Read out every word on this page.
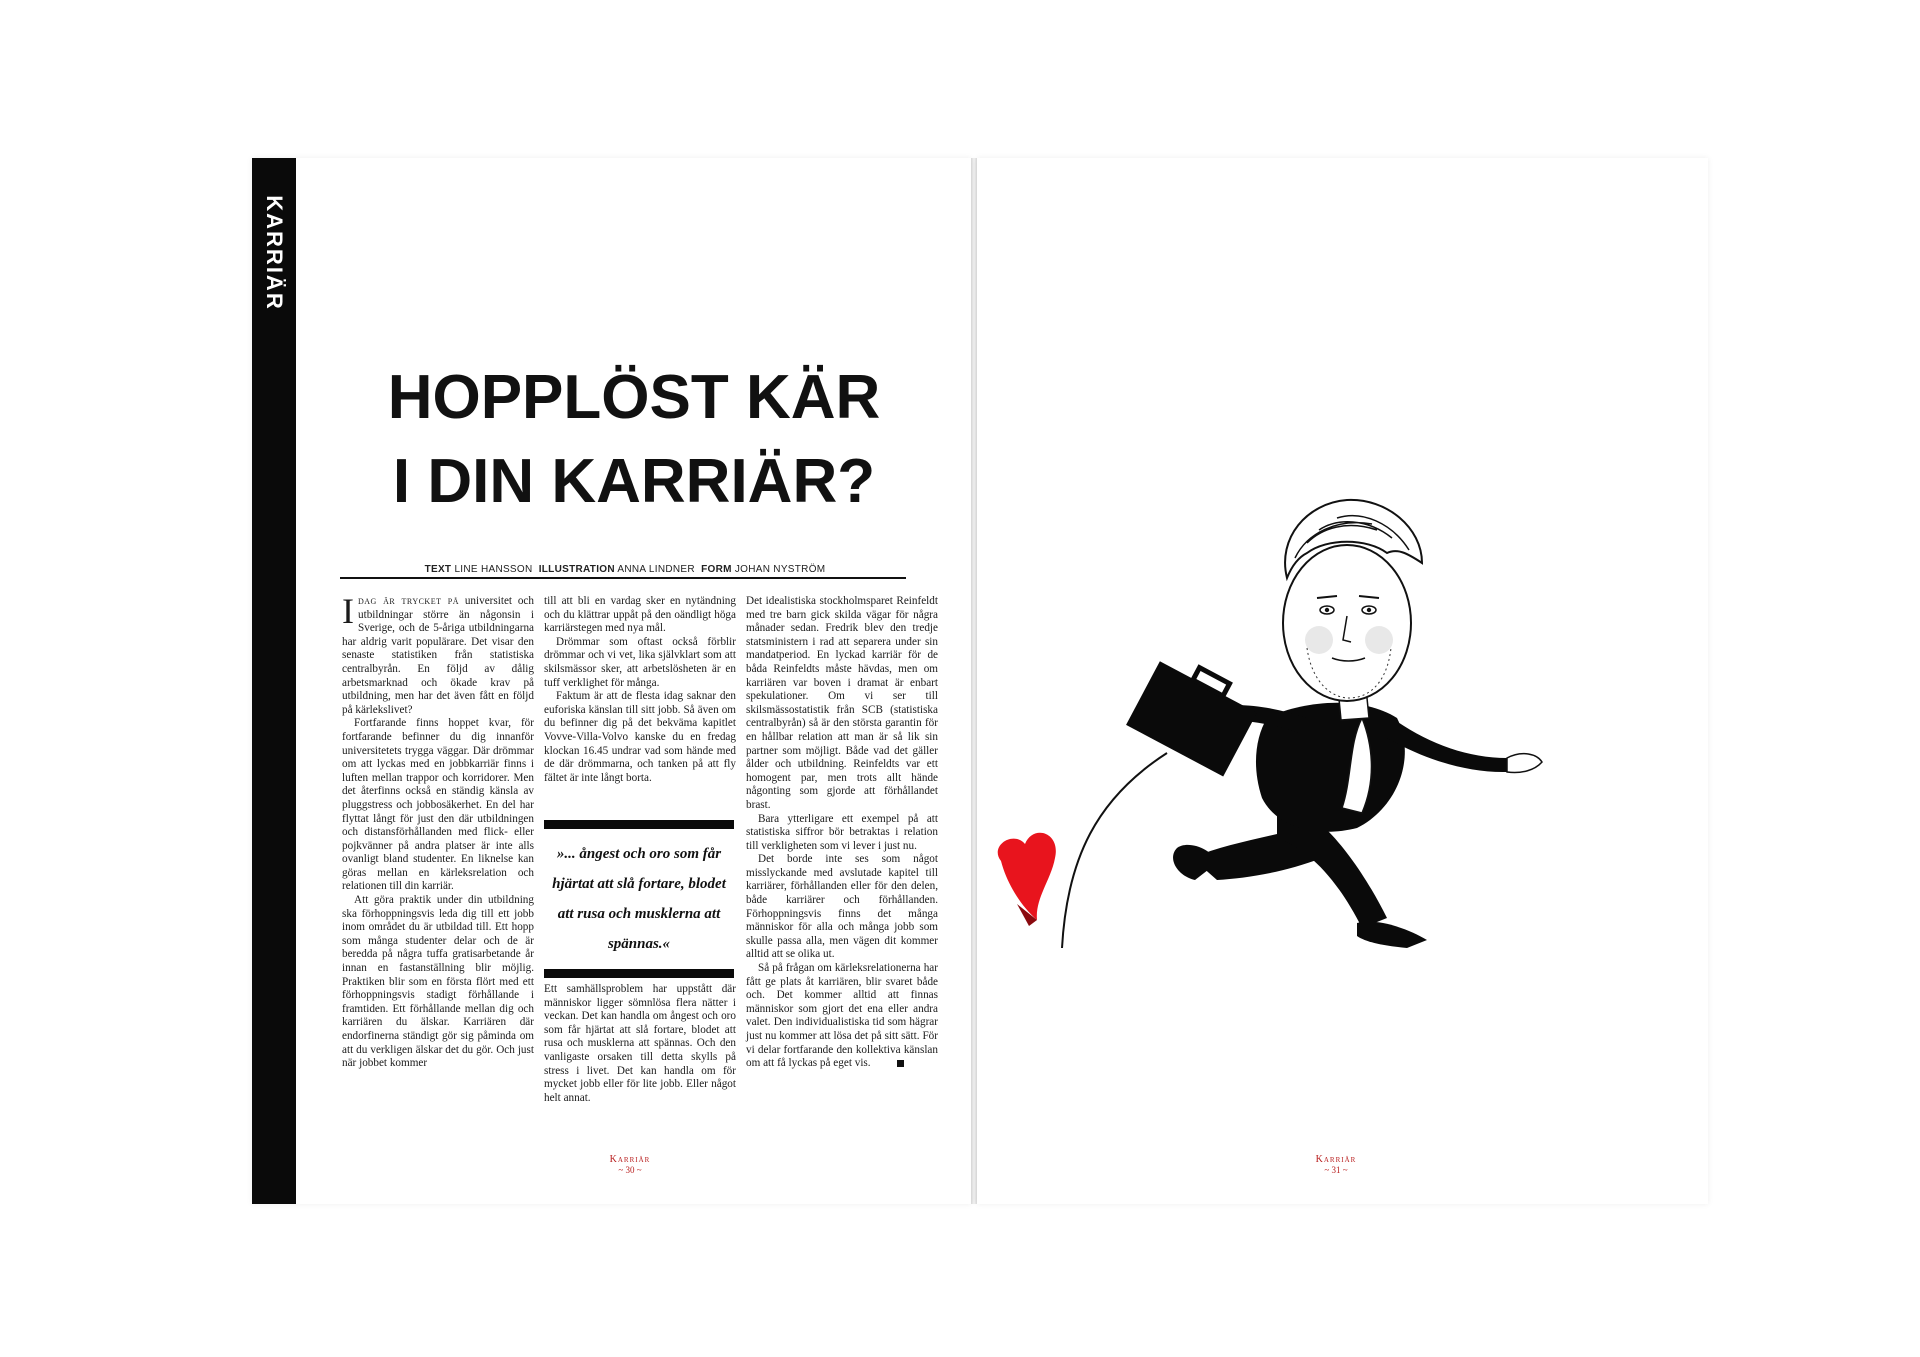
KARRIÄR
HOPPLÖST KÄR
I DIN KARRIÄR?
TEXT LINE HANSSON ILLUSTRATION ANNA LINDNER FORM JOHAN NYSTRÖM

Idag är trycket på universitet och utbildningar större än någonsin i Sverige, och de 5-åriga utbildningarna har aldrig varit populärare. Det visar den senaste statistiken från statistiska centralbyrån. En följd av dålig arbetsmarknad och ökade krav på utbildning, men har det även fått en följd på kärlekslivet?

Fortfarande finns hoppet kvar, för fortfarande befinner du dig innanför universitetets trygga väggar. Där drömmar om att lyckas med en jobbkarriär finns i luften mellan trappor och korridorer. Men det återfinns också en ständig känsla av pluggstress och jobbosäkerhet. En del har flyttat långt för just den där utbildningen och distansförhållanden med flick- eller pojkvänner på andra platser är inte alls ovanligt bland studenter. En liknelse kan göras mellan en kärleksrelation och relationen till din karriär.

Att göra praktik under din utbildning ska förhoppningsvis leda dig till ett jobb inom området du är utbildad till. Ett hopp som många studenter delar och de är beredda på några tuffa gratisarbetande år innan en fastanställning blir möjlig. Praktiken blir som en första flört med ett förhoppningsvis stadigt förhållande i framtiden. Ett förhållande mellan dig och karriären du älskar. Karriären där endorfinerna ständigt gör sig påminda om att du verkligen älskar det du gör. Och just när jobbet kommer

till att bli en vardag sker en nytändning och du klättrar uppåt på den oändligt höga karriärstegen med nya mål.

Drömmar som oftast också förblir drömmar och vi vet, lika självklart som att skilsmässor sker, att arbetslösheten är en tuff verklighet för många.

Faktum är att de flesta idag saknar den euforiska känslan till sitt jobb. Så även om du befinner dig på det bekväma kapitlet Vovve-Villa-Volvo kanske du en fredag klockan 16.45 undrar vad som hände med de där drömmarna, och tanken på att fly fältet är inte långt borta.

»... ångest och oro som får hjärtat att slå fortare, blodet att rusa och musklerna att spännas.«

Ett samhällsproblem har uppstått där människor ligger sömnlösa flera nätter i veckan. Det kan handla om ångest och oro som får hjärtat att slå fortare, blodet att rusa och musklerna att spännas. Och den vanligaste orsaken till detta skylls på stress i livet. Det kan handla om för mycket jobb eller för lite jobb. Eller något helt annat.

Det idealistiska stockholmsparet Reinfeldt med tre barn gick skilda vägar för några månader sedan. Fredrik blev den tredje statsministern i rad att separera under sin mandatperiod. En lyckad karriär för de båda Reinfeldts måste hävdas, men om karriären var boven i dramat är enbart spekulationer. Om vi ser till skilsmässostatistik från SCB (statistiska centralbyrån) så är den största garantin för en hållbar relation att man är så lik sin partner som möjligt. Både vad det gäller ålder och utbildning. Reinfeldts var ett homogent par, men trots allt hände någonting som gjorde att förhållandet brast.

Bara ytterligare ett exempel på att statistiska siffror bör betraktas i relation till verkligheten som vi lever i just nu.

Det borde inte ses som något misslyckande med avslutade kapitel till karriärer, förhållanden eller för den delen, både karriärer och förhållanden. Förhoppningsvis finns det många människor för alla och många jobb som skulle passa alla, men vägen dit kommer alltid att se olika ut.

Så på frågan om kärleksrelationerna har fått ge plats åt karriären, blir svaret både och. Det kommer alltid att finnas människor som gjort det ena eller andra valet. Den individualistiska tid som hägrar just nu kommer att lösa det på sitt sätt. För vi delar fortfarande den kollektiva känslan om att få lyckas på eget vis.

Karriär
~ 30 ~
Karriär
~ 31 ~
